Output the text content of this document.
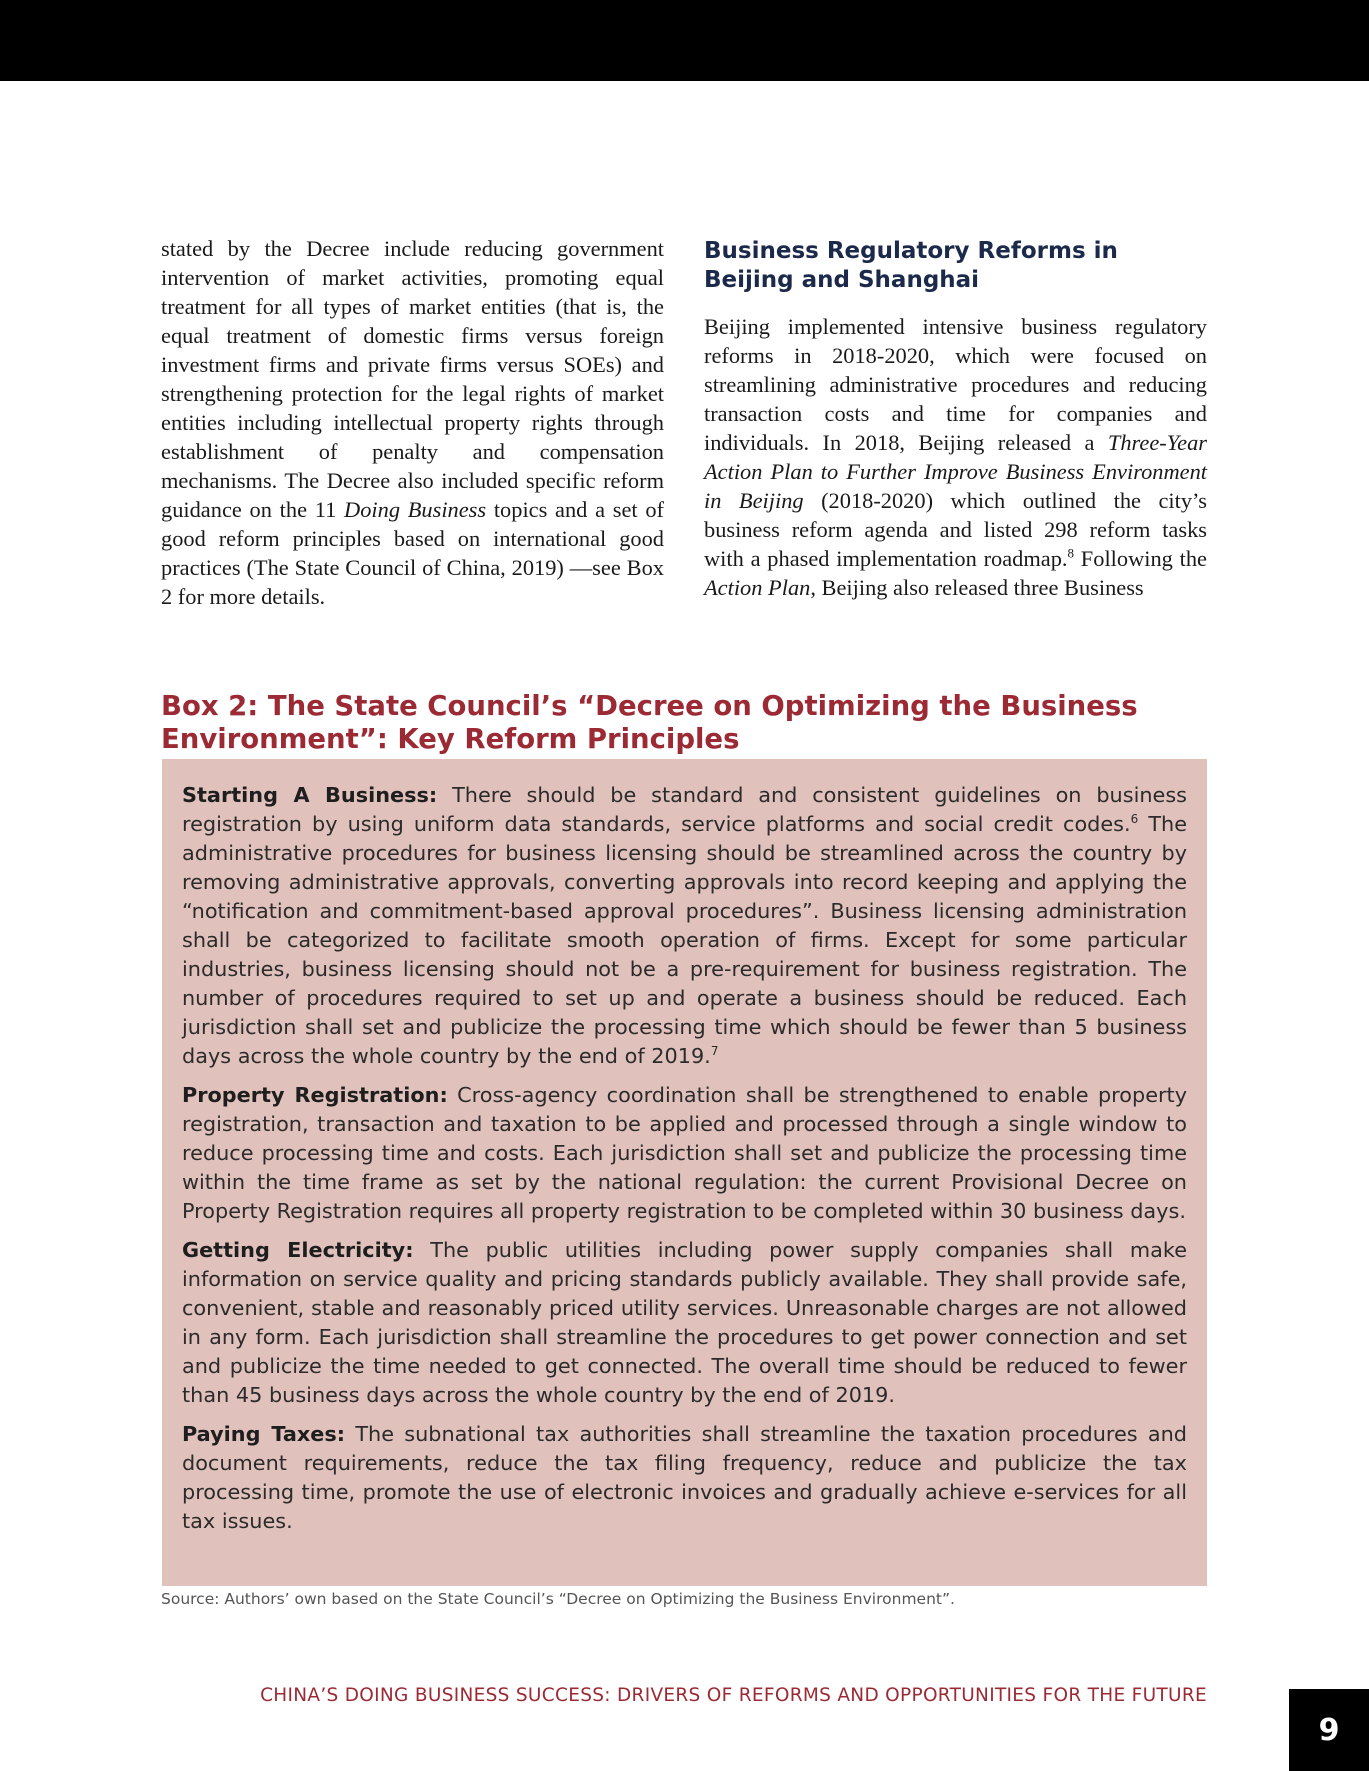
stated by the Decree include reducing government intervention of market activities, promoting equal treatment for all types of market entities (that is, the equal treatment of domestic firms versus foreign investment firms and private firms versus SOEs) and strengthening protection for the legal rights of market entities including intellectual property rights through establishment of penalty and compensation mechanisms. The Decree also included specific reform guidance on the 11 Doing Business topics and a set of good reform principles based on international good practices (The State Council of China, 2019) —see Box 2 for more details.

Business Regulatory Reforms in Beijing and Shanghai

Beijing implemented intensive business regulatory reforms in 2018-2020, which were focused on streamlining administrative procedures and reducing transaction costs and time for companies and individuals. In 2018, Beijing released a Three-Year Action Plan to Further Improve Business Environment in Beijing (2018-2020) which outlined the city’s business reform agenda and listed 298 reform tasks with a phased implementation roadmap.$^8$ Following the Action Plan, Beijing also released three Business

Box 2: The State Council’s “Decree on Optimizing the Business Environment”: Key Reform Principles

Starting A Business: There should be standard and consistent guidelines on business registration by using uniform data standards, service platforms and social credit codes.$^6$ The administrative procedures for business licensing should be streamlined across the country by removing administrative approvals, converting approvals into record keeping and applying the “notification and commitment-based approval procedures”. Business licensing administration shall be categorized to facilitate smooth operation of firms. Except for some particular industries, business licensing should not be a pre-requirement for business registration. The number of procedures required to set up and operate a business should be reduced. Each jurisdiction shall set and publicize the processing time which should be fewer than 5 business days across the whole country by the end of 2019.$^7$

Property Registration: Cross-agency coordination shall be strengthened to enable property registration, transaction and taxation to be applied and processed through a single window to reduce processing time and costs. Each jurisdiction shall set and publicize the processing time within the time frame as set by the national regulation: the current Provisional Decree on Property Registration requires all property registration to be completed within 30 business days.

Getting Electricity: The public utilities including power supply companies shall make information on service quality and pricing standards publicly available. They shall provide safe, convenient, stable and reasonably priced utility services. Unreasonable charges are not allowed in any form. Each jurisdiction shall streamline the procedures to get power connection and set and publicize the time needed to get connected. The overall time should be reduced to fewer than 45 business days across the whole country by the end of 2019.

Paying Taxes: The subnational tax authorities shall streamline the taxation procedures and document requirements, reduce the tax filing frequency, reduce and publicize the tax processing time, promote the use of electronic invoices and gradually achieve e-services for all tax issues.

Source: Authors’ own based on the State Council’s “Decree on Optimizing the Business Environment”.
CHINA’S DOING BUSINESS SUCCESS: DRIVERS OF REFORMS AND OPPORTUNITIES FOR THE FUTURE
9
